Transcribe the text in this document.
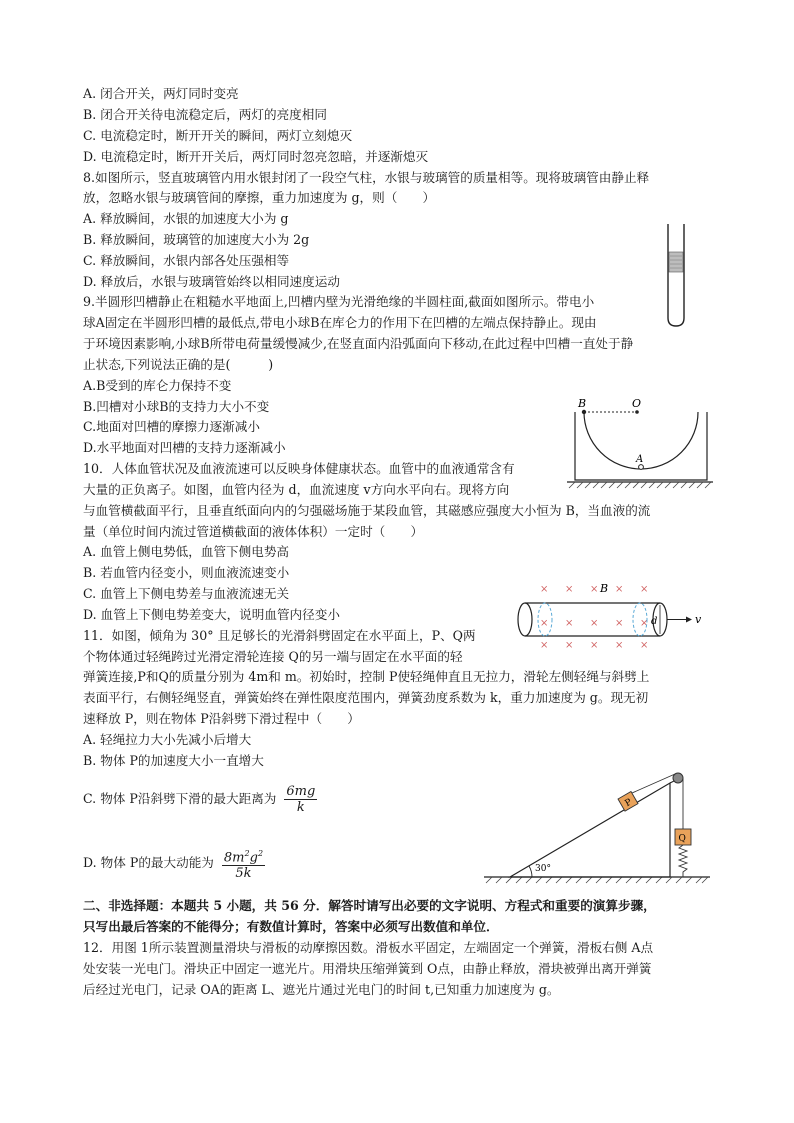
A. 闭合开关，两灯同时变亮
B. 闭合开关待电流稳定后，两灯的亮度相同
C. 电流稳定时，断开开关的瞬间，两灯立刻熄灭
D. 电流稳定时，断开开关后，两灯同时忽亮忽暗，并逐渐熄灭
8.如图所示，竖直玻璃管内用水银封闭了一段空气柱，水银与玻璃管的质量相等。现将玻璃管由静止释
放，忽略水银与玻璃管间的摩擦，重力加速度为 g，则（　　）
A. 释放瞬间，水银的加速度大小为 g
B. 释放瞬间，玻璃管的加速度大小为 2g
C. 释放瞬间，水银内部各处压强相等
D. 释放后，水银与玻璃管始终以相同速度运动
9.半圆形凹槽静止在粗糙水平地面上,凹槽内壁为光滑绝缘的半圆柱面,截面如图所示。带电小
球A固定在半圆形凹槽的最低点,带电小球B在库仑力的作用下在凹槽的左端点保持静止。现由
于环境因素影响,小球B所带电荷量缓慢减少,在竖直面内沿弧面向下移动,在此过程中凹槽一直处于静
止状态,下列说法正确的是(　　　)
A.B受到的库仑力保持不变
B.凹槽对小球B的支持力大小不变
C.地面对凹槽的摩擦力逐渐减小
D.水平地面对凹槽的支持力逐渐减小
B	O
A
10．人体血管状况及血液流速可以反映身体健康状态。血管中的血液通常含有
大量的正负离子。如图，血管内径为 d，血流速度 v方向水平向右。现将方向
与血管横截面平行，且垂直纸面向内的匀强磁场施于某段血管，其磁感应强度大小恒为 B，当血液的流
量（单位时间内流过管道横截面的液体体积）一定时（　　）
A. 血管上侧电势低，血管下侧电势高
B. 若血管内径变小，则血液流速变小
C. 血管上下侧电势差与血液流速无关
D. 血管上下侧电势差变大，说明血管内径变小
× × × × ×
× × × × ×
× × × × ×
B
d	v
11．如图，倾角为 30° 且足够长的光滑斜劈固定在水平面上，P、Q两
个物体通过轻绳跨过光滑定滑轮连接 Q的另一端与固定在水平面的轻
弹簧连接,P和Q的质量分别为 4m和 m。初始时，控制 P使轻绳伸直且无拉力，滑轮左侧轻绳与斜劈上
表面平行，右侧轻绳竖直，弹簧始终在弹性限度范围内，弹簧劲度系数为 k，重力加速度为 g。现无初
速释放 P，则在物体 P沿斜劈下滑过程中（　　）
A. 轻绳拉力大小先减小后增大
B. 物体 P的加速度大小一直增大
C. 物体 P沿斜劈下滑的最大距离为 $\frac{6mg}{k}$
D. 物体 P的最大动能为 $\frac{8m^2g^2}{5k}$	30°
P
Q
二、非选择题：本题共 5 小题，共 56 分．解答时请写出必要的文字说明、方程式和重要的演算步骤，
只写出最后答案的不能得分；有数值计算时，答案中必须写出数值和单位．
12．用图 1所示装置测量滑块与滑板的动摩擦因数。滑板水平固定，左端固定一个弹簧，滑板右侧 A点
处安装一光电门。滑块正中固定一遮光片。用滑块压缩弹簧到 O点，由静止释放，滑块被弹出离开弹簧
后经过光电门，记录 OA的距离 L、遮光片通过光电门的时间 t,已知重力加速度为 g。
